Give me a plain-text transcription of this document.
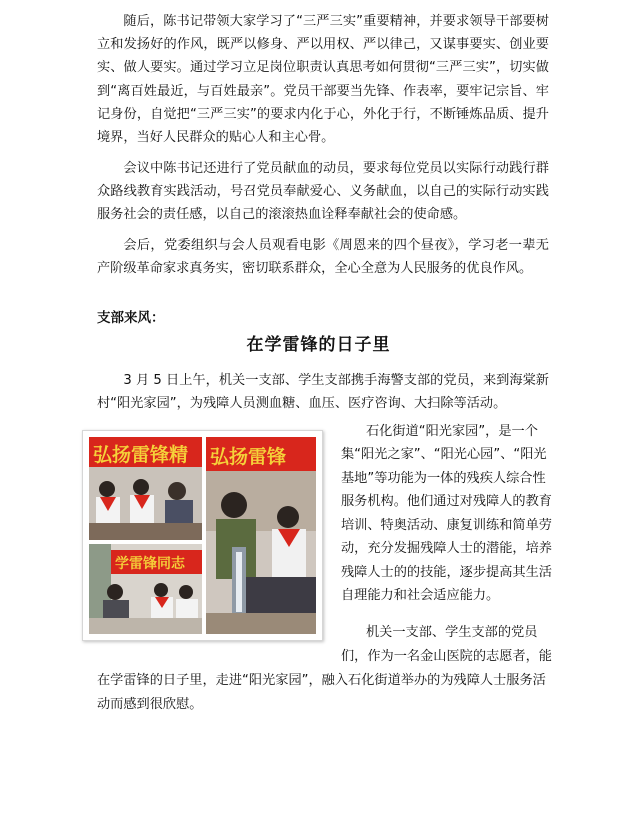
随后，陈书记带领大家学习了“三严三实”重要精神，并要求领导干部要树立和发扬好的作风，既严以修身、严以用权、严以律己，又谋事要实、创业要实、做人要实。通过学习立足岗位职责认真思考如何贯彻“三严三实”，切实做到“离百姓最近，与百姓最亲”。党员干部要当先锋、作表率，要牢记宗旨、牢记身份，自觉把“三严三实”的要求内化于心，外化于行，不断锤炼品质、提升境界，当好人民群众的贴心人和主心骨。

会议中陈书记还进行了党员献血的动员，要求每位党员以实际行动践行群众路线教育实践活动，号召党员奉献爱心、义务献血，以自己的实际行动实践服务社会的责任感，以自己的滚滚热血诠释奉献社会的使命感。

会后，党委组织与会人员观看电影《周恩来的四个昼夜》，学习老一辈无产阶级革命家求真务实，密切联系群众，全心全意为人民服务的优良作风。

支部来风：

在学雷锋的日子里

3 月 5 日上午，机关一支部、学生支部携手海警支部的党员，来到海棠新村“阳光家园”，为残障人员测血糖、血压、医疗咨询、大扫除等活动。

弘扬雷锋精 弘扬雷锋
学雷锋同志

石化街道“阳光家园”，是一个

集“阳光之家”、“阳光心园”、“阳光

基地”等功能为一体的残疾人综合性

服务机构。他们通过对残障人的教育

培训、特奥活动、康复训练和简单劳

动，充分发掘残障人士的潜能，培养

残障人士的的技能，逐步提高其生活

自理能力和社会适应能力。

机关一支部、学生支部的党员

们，作为一名金山医院的志愿者，能

在学雷锋的日子里，走进“阳光家园”，融入石化街道举办的为残障人士服务活

动而感到很欣慰。
